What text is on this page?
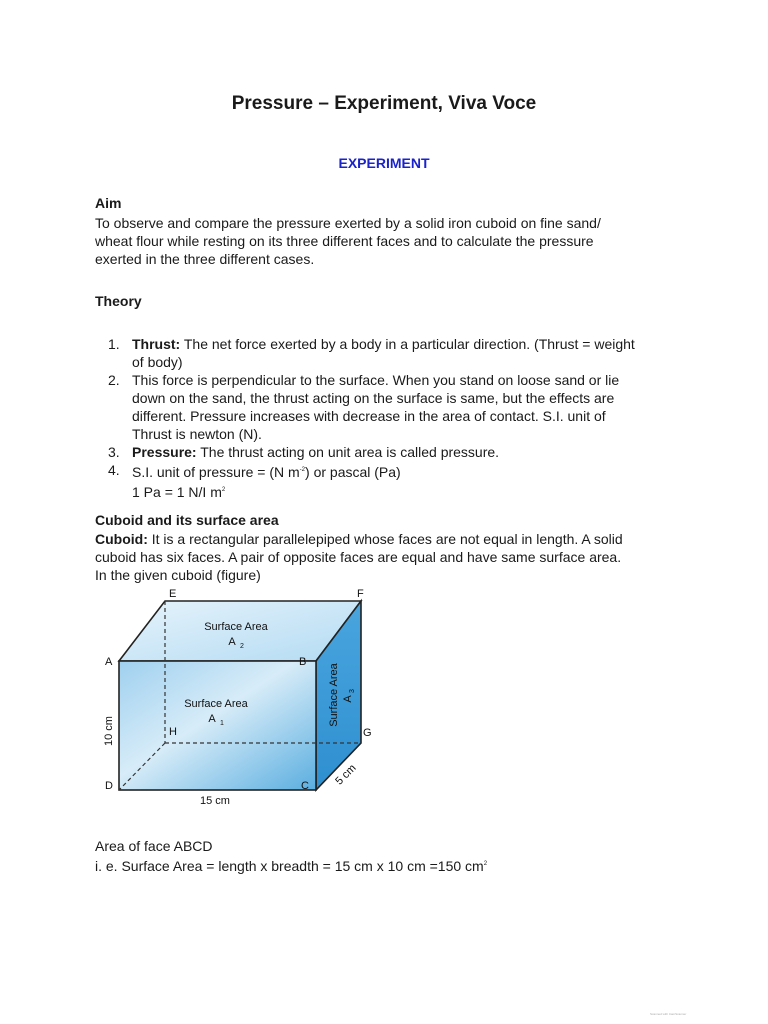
Pressure – Experiment, Viva Voce
EXPERIMENT
Aim
To observe and compare the pressure exerted by a solid iron cuboid on fine sand/
wheat flour while resting on its three different faces and to calculate the pressure
exerted in the three different cases.
Theory
1. Thrust: The net force exerted by a body in a particular direction. (Thrust = weight
of body)
2. This force is perpendicular to the surface. When you stand on loose sand or lie
down on the sand, the thrust acting on the surface is same, but the effects are
different. Pressure increases with decrease in the area of contact. S.I. unit of
Thrust is newton (N).
3. Pressure: The thrust acting on unit area is called pressure.
4. S.I. unit of pressure = (N $m^{-2}$) or pascal (Pa)
1 Pa = 1 N/I $m^2$
Cuboid and its surface area
Cuboid: It is a rectangular parallelepiped whose faces are not equal in length. A solid
cuboid has six faces. A pair of opposite faces are equal and have same surface area.
In the given cuboid (figure)
E	F
A	B
H	G
D	C
Surface Area
A 2
Surface Area
A 1	Surface Area A
3
10 cm
15 cm
5 cm
Area of face ABCD
i. e. Surface Area = length x breadth = 15 cm x 10 cm =150 $cm^2$
Scanned with CamScanner
